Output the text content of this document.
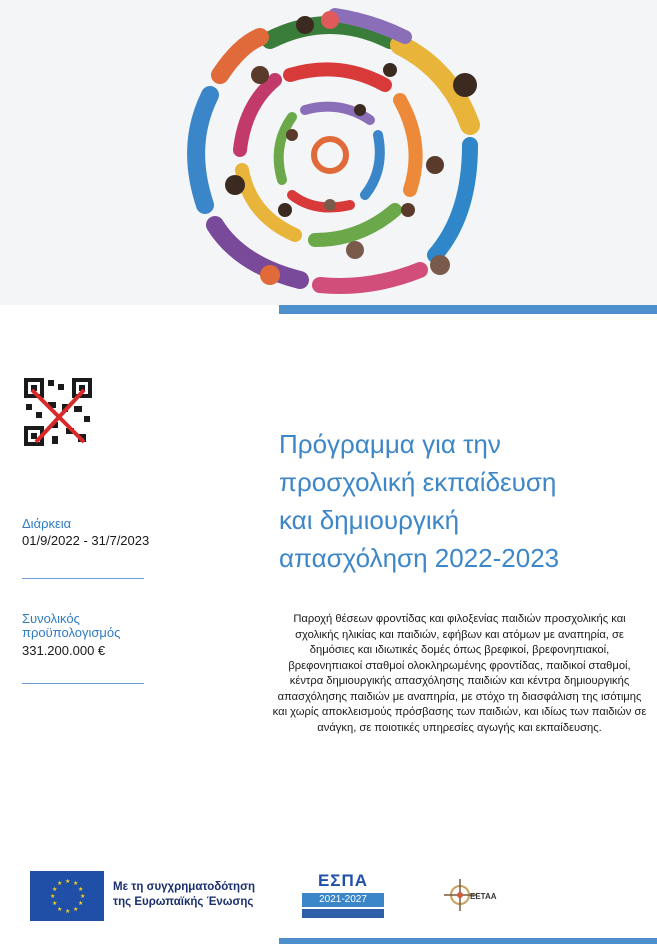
Διάρκεια
01/9/2022 - 31/7/2023
Συνολικός
προϋπολογισμός
331.200.000 €
Πρόγραμμα για την
προσχολική εκπαίδευση
και δημιουργική
απασχόληση 2022-2023

Παροχή θέσεων φροντίδας και φιλοξενίας παιδιών προσχολικής και σχολικής ηλικίας και παιδιών, εφήβων και ατόμων με αναπηρία, σε δημόσιες και ιδιωτικές δομές όπως βρεφικοί, βρεφονηπιακοί, βρεφονηπιακοί σταθμοί ολοκληρωμένης φροντίδας, παιδικοί σταθμοί, κέντρα δημιουργικής απασχόλησης παιδιών και κέντρα δημιουργικής απασχόλησης παιδιών με αναπηρία, με στόχο τη διασφάλιση της ισότιμης και χωρίς αποκλεισμούς πρόσβασης των παιδιών, και ιδίως των παιδιών σε ανάγκη, σε ποιοτικές υπηρεσίες αγωγής και εκπαίδευσης.

★ ★
★
★
★
★
★
★
★
★
★
★	Με τη συγχρηματοδότηση
της Ευρωπαϊκής Ένωσης
ΕΣΠΑ
2021-2027	ΕΕΤΑΑ
